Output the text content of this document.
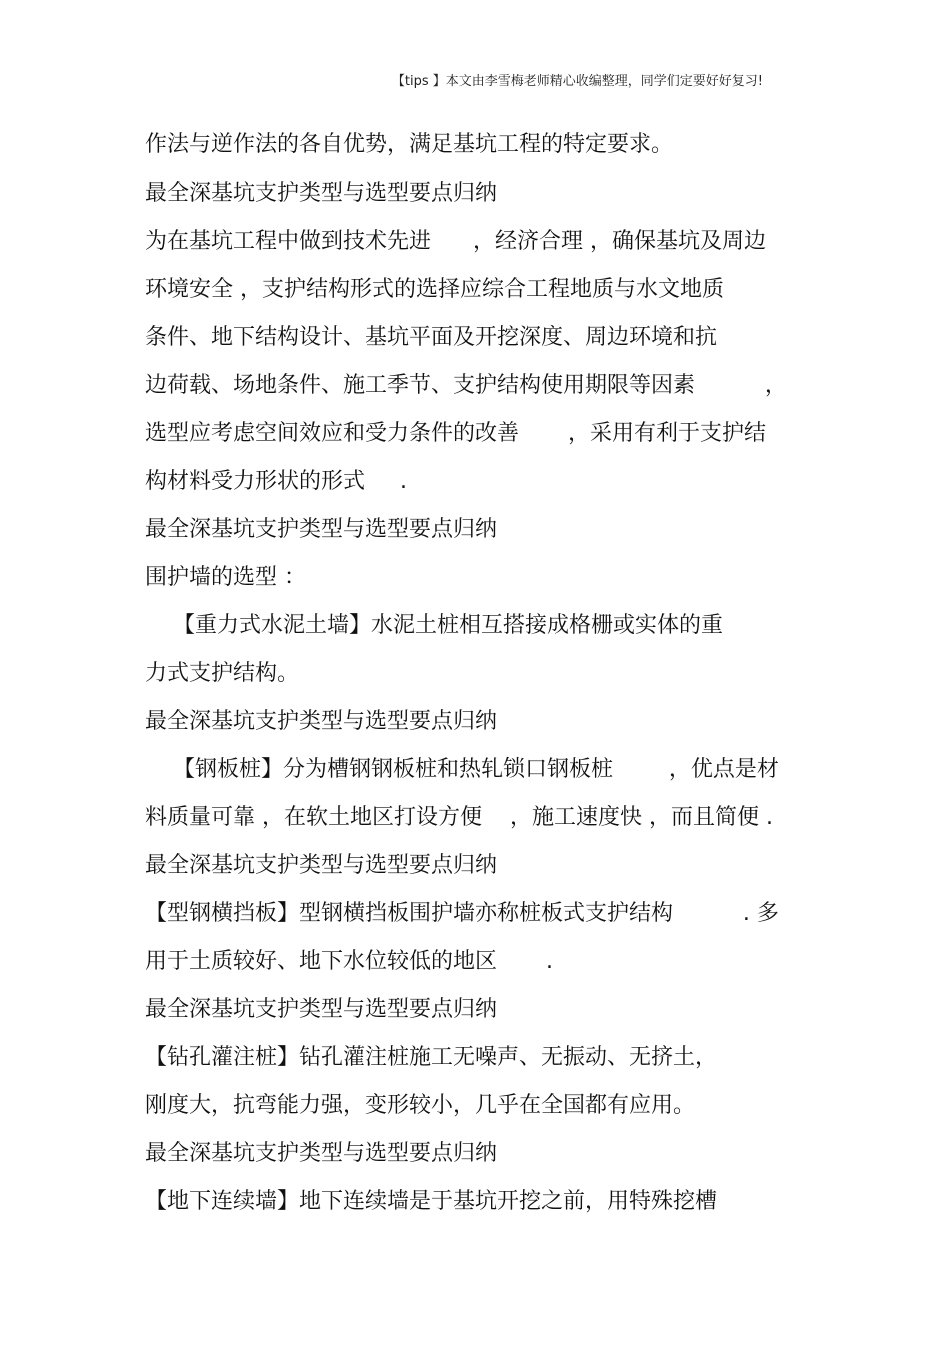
【tips 】本文由李雪梅老师精心收编整理，同学们定要好好复习!
作法与逆作法的各自优势，满足基坑工程的特定要求。
最全深基坑支护类型与选型要点归纳
为在基坑工程中做到技术先进      ，经济合理 ，确保基坑及周边
环境安全 ，支护结构形式的选择应综合工程地质与水文地质
条件、地下结构设计、基坑平面及开挖深度、周边环境和抗
边荷载、场地条件、施工季节、支护结构使用期限等因素          ，
选型应考虑空间效应和受力条件的改善       ，采用有利于支护结
构材料受力形状的形式     .
最全深基坑支护类型与选型要点归纳
围护墙的选型 ：
【重力式水泥土墙】水泥土桩相互搭接成格栅或实体的重
力式支护结构。
最全深基坑支护类型与选型要点归纳
【钢板桩】分为槽钢钢板桩和热轧锁口钢板桩        ，优点是材
料质量可靠 ，在软土地区打设方便    ，施工速度快 ，而且简便 .
最全深基坑支护类型与选型要点归纳
【型钢横挡板】型钢横挡板围护墙亦称桩板式支护结构          . 多
用于土质较好、地下水位较低的地区       .
最全深基坑支护类型与选型要点归纳
【钻孔灌注桩】钻孔灌注桩施工无噪声、无振动、无挤土，
刚度大，抗弯能力强，变形较小，几乎在全国都有应用。
最全深基坑支护类型与选型要点归纳
【地下连续墙】地下连续墙是于基坑开挖之前，用特殊挖槽
